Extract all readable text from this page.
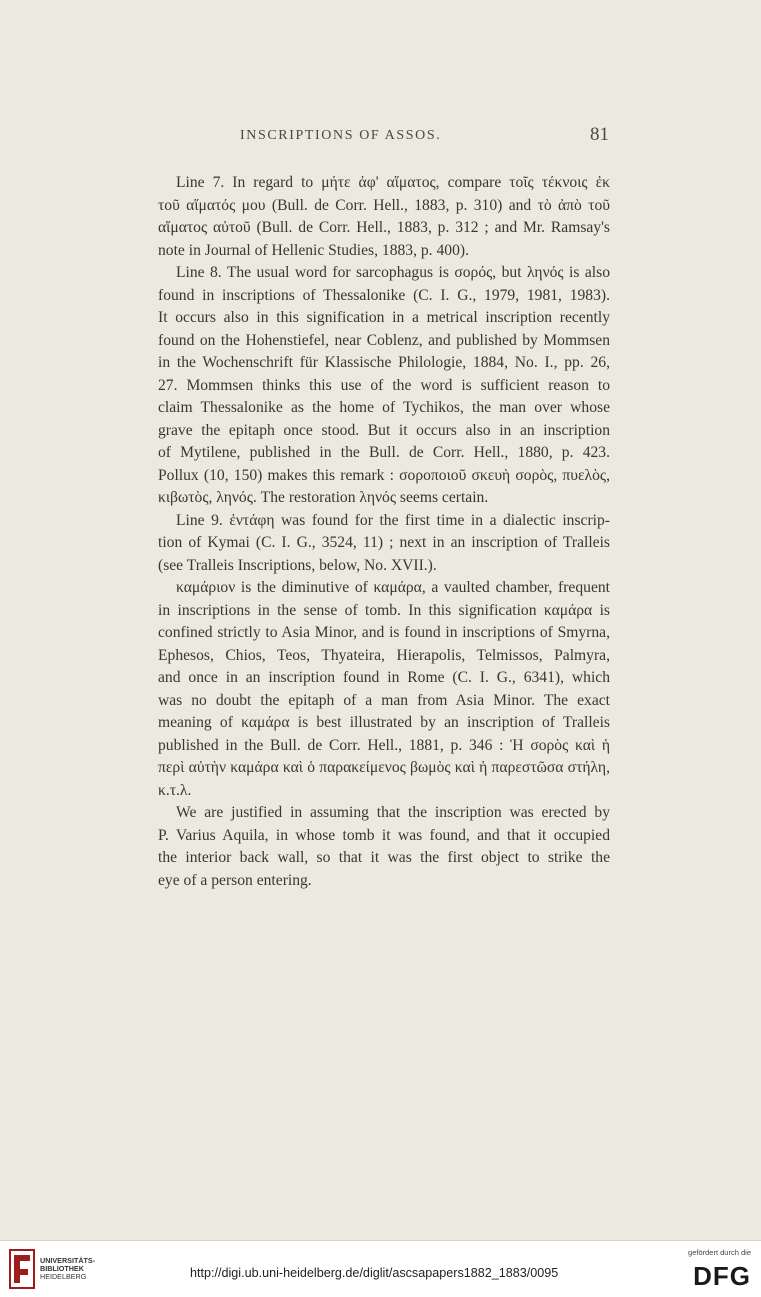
INSCRIPTIONS OF ASSOS.	81
Line 7. In regard to μήτε ἀφ' αἵματος, compare τοῖς τέκνοις ἐκ
τοῦ αἵματός μου (Bull. de Corr. Hell., 1883, p. 310) and τὸ ἀπὸ τοῦ
αἵματος αὐτοῦ (Bull. de Corr. Hell., 1883, p. 312 ; and Mr. Ramsay's
note in Journal of Hellenic Studies, 1883, p. 400).
Line 8. The usual word for sarcophagus is σορός, but ληνός is also
found in inscriptions of Thessalonike (C. I. G., 1979, 1981, 1983).
It occurs also in this signification in a metrical inscription recently
found on the Hohenstiefel, near Coblenz, and published by Mommsen
in the Wochenschrift für Klassische Philologie, 1884, No. I., pp. 26,
27. Mommsen thinks this use of the word is sufficient reason to
claim Thessalonike as the home of Tychikos, the man over whose
grave the epitaph once stood. But it occurs also in an inscription
of Mytilene, published in the Bull. de Corr. Hell., 1880, p. 423.
Pollux (10, 150) makes this remark : σοροποιοῦ σκευὴ σορὸς, πυελὸς,
κιβωτὸς, ληνός. The restoration ληνός seems certain.
Line 9. ἐντάφη was found for the first time in a dialectic inscrip-
tion of Kymai (C. I. G., 3524, 11) ; next in an inscription of Tralleis
(see Tralleis Inscriptions, below, No. XVII.).
καμάριον is the diminutive of καμάρα, a vaulted chamber, frequent
in inscriptions in the sense of tomb. In this signification καμάρα is
confined strictly to Asia Minor, and is found in inscriptions of Smyrna,
Ephesos, Chios, Teos, Thyateira, Hierapolis, Telmissos, Palmyra,
and once in an inscription found in Rome (C. I. G., 6341), which
was no doubt the epitaph of a man from Asia Minor. The exact
meaning of καμάρα is best illustrated by an inscription of Tralleis
published in the Bull. de Corr. Hell., 1881, p. 346 : Ἡ σορὸς καὶ ἡ
περὶ αὐτὴν καμάρα καὶ ὁ παρακείμενος βωμὸς καὶ ἡ παρεστῶσα στήλη,
κ.τ.λ.
We are justified in assuming that the inscription was erected by
P. Varius Aquila, in whose tomb it was found, and that it occupied
the interior back wall, so that it was the first object to strike the
eye of a person entering.
UNIVERSITÄTS-
BIBLIOTHEK
HEIDELBERG	http://digi.ub.uni-heidelberg.de/diglit/ascsapapers1882_1883/0095
gefördert durch die
DFG
